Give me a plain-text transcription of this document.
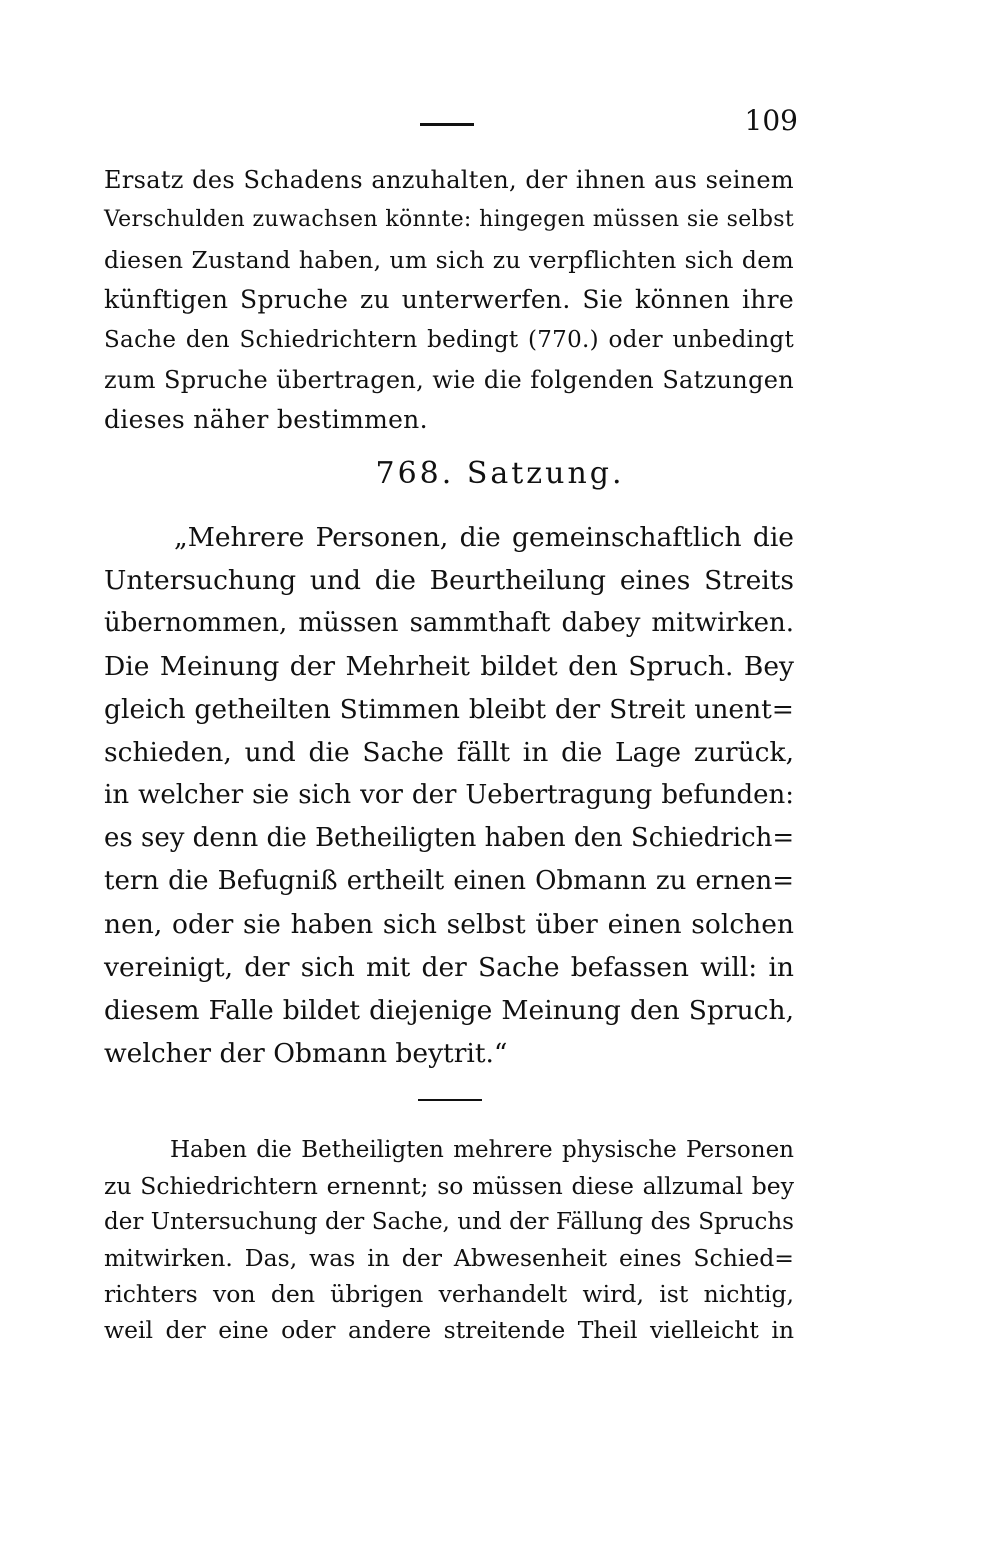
109
Ersatz des Schadens anzuhalten, der ihnen aus seinem
Verschulden zuwachsen könnte: hingegen müssen sie selbst
diesen Zustand haben, um sich zu verpflichten sich dem
künftigen Spruche zu unterwerfen. Sie können ihre
Sache den Schiedrichtern bedingt (770.) oder unbedingt
zum Spruche übertragen, wie die folgenden Satzungen
dieses näher bestimmen.
768. Satzung.
„Mehrere Personen, die gemeinschaftlich die
Untersuchung und die Beurtheilung eines Streits
übernommen, müssen sammthaft dabey mitwirken.
Die Meinung der Mehrheit bildet den Spruch. Bey
gleich getheilten Stimmen bleibt der Streit unent=
schieden, und die Sache fällt in die Lage zurück,
in welcher sie sich vor der Uebertragung befunden:
es sey denn die Betheiligten haben den Schiedrich=
tern die Befugniß ertheilt einen Obmann zu ernen=
nen, oder sie haben sich selbst über einen solchen
vereinigt, der sich mit der Sache befassen will: in
diesem Falle bildet diejenige Meinung den Spruch,
welcher der Obmann beytrit.“
Haben die Betheiligten mehrere physische Personen
zu Schiedrichtern ernennt; so müssen diese allzumal bey
der Untersuchung der Sache, und der Fällung des Spruchs
mitwirken. Das, was in der Abwesenheit eines Schied=
richters von den übrigen verhandelt wird, ist nichtig,
weil der eine oder andere streitende Theil vielleicht in
